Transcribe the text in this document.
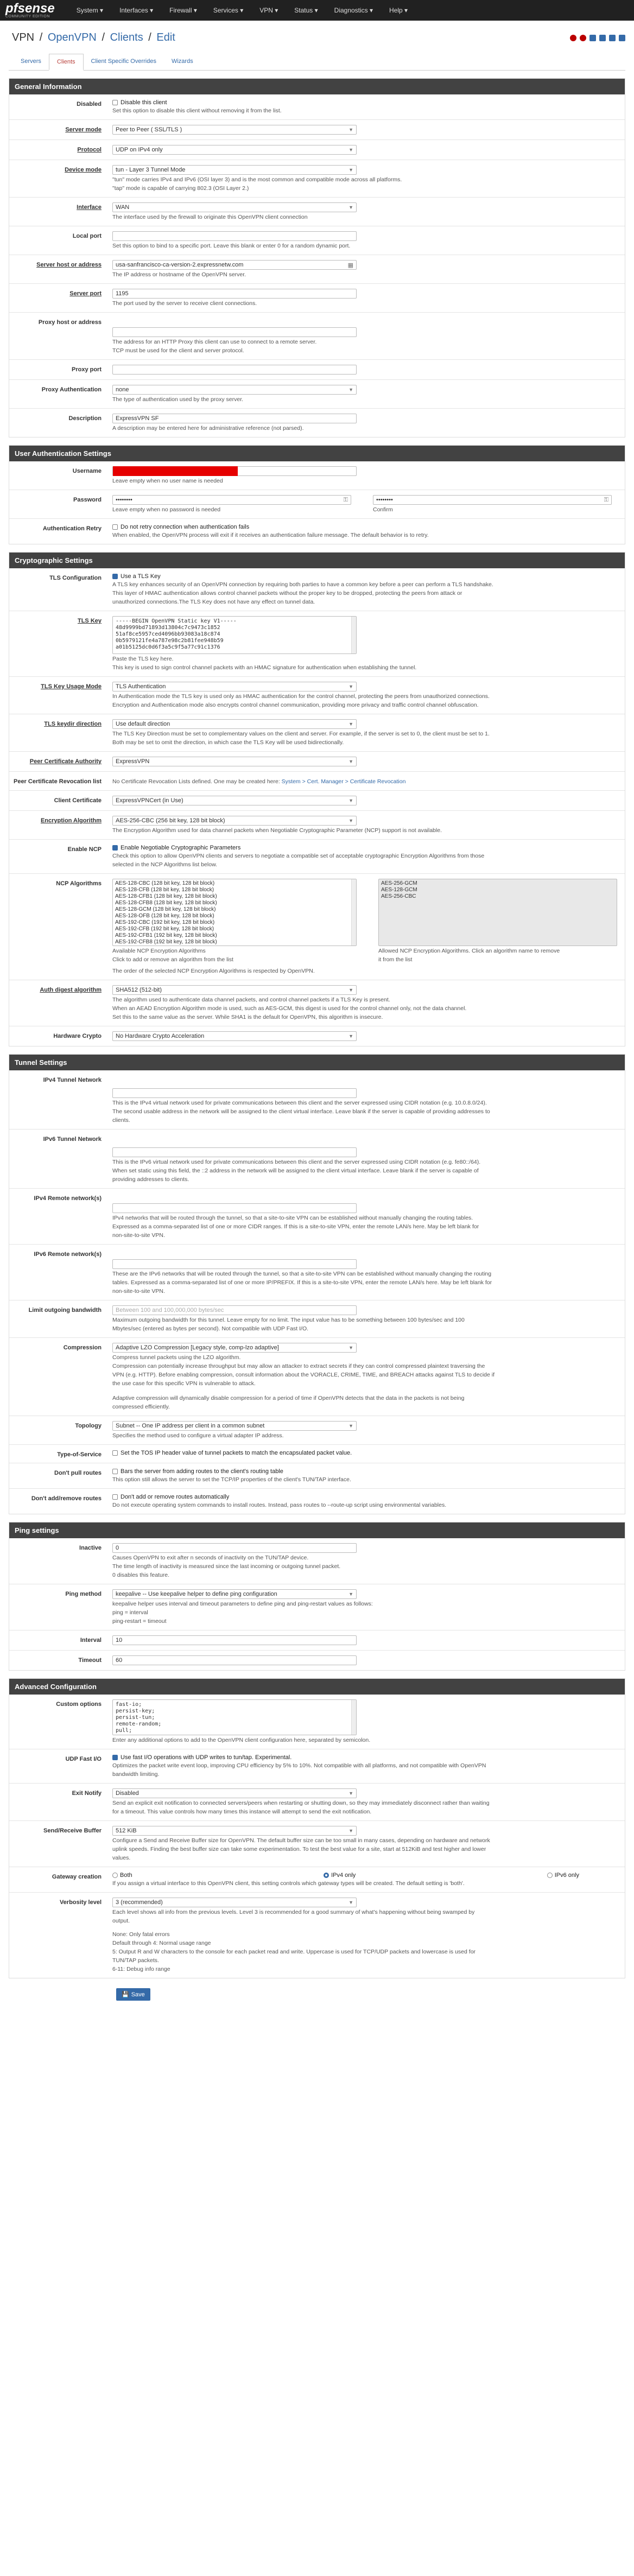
pfsense
COMMUNITY EDITION
System ▾	Interfaces ▾	Firewall ▾	Services ▾	VPN ▾	Status ▾	Diagnostics ▾	Help ▾
VPN / OpenVPN / Clients / Edit
Servers	Clients	Client Specific Overrides	Wizards
General Information
Disabled	Disable this client
Set this option to disable this client without removing it from the list.
Server mode	Peer to Peer ( SSL/TLS )	▼
Protocol	UDP on IPv4 only	▼
Device mode	tun - Layer 3 Tunnel Mode	▼
"tun" mode carries IPv4 and IPv6 (OSI layer 3) and is the most common and compatible mode across all platforms.
"tap" mode is capable of carrying 802.3 (OSI Layer 2.)
Interface	WAN	▼
The interface used by the firewall to originate this OpenVPN client connection
Local port
Set this option to bind to a specific port. Leave this blank or enter 0 for a random dynamic port.
Server host or address	usa-sanfrancisco-ca-version-2.expressnetw.com	▦
The IP address or hostname of the OpenVPN server.
Server port	1195
The port used by the server to receive client connections.
Proxy host or address
The address for an HTTP Proxy this client can use to connect to a remote server.
TCP must be used for the client and server protocol.
Proxy port
Proxy Authentication	none	▼
The type of authentication used by the proxy server.
Description	ExpressVPN SF
A description may be entered here for administrative reference (not parsed).
User Authentication Settings
Username
Leave empty when no user name is needed
Password	••••••••	⚿
Leave empty when no password is needed
••••••••	⚿
Confirm
Authentication Retry	Do not retry connection when authentication fails
When enabled, the OpenVPN process will exit if it receives an authentication failure message. The default behavior is to retry.
Cryptographic Settings
TLS Configuration	Use a TLS Key
A TLS key enhances security of an OpenVPN connection by requiring both parties to have a common key before a peer can perform a TLS handshake.
This layer of HMAC authentication allows control channel packets without the proper key to be dropped, protecting the peers from attack or
unauthorized connections.The TLS Key does not have any effect on tunnel data.
TLS Key	-----BEGIN OpenVPN Static key V1-----
48d9999bd71893d13804c7c9473c1852
51af8ce5957ced4096bb93083a18c874
0b5979121fe4a787e98c2b81fee948b59
a01b5125dc0d6f3a5c9f5a77c91c1376
Paste the TLS key here.
This key is used to sign control channel packets with an HMAC signature for authentication when establishing the tunnel.
TLS Key Usage Mode	TLS Authentication	▼
In Authentication mode the TLS key is used only as HMAC authentication for the control channel, protecting the peers from unauthorized connections.
Encryption and Authentication mode also encrypts control channel communication, providing more privacy and traffic control channel obfuscation.
TLS keydir direction	Use default direction	▼
The TLS Key Direction must be set to complementary values on the client and server. For example, if the server is set to 0, the client must be set to 1.
Both may be set to omit the direction, in which case the TLS Key will be used bidirectionally.
Peer Certificate Authority	ExpressVPN	▼
Peer Certificate Revocation list	No Certificate Revocation Lists defined. One may be created here: System > Cert. Manager > Certificate Revocation
Client Certificate	ExpressVPNCert (in Use)	▼
Encryption Algorithm	AES-256-CBC (256 bit key, 128 bit block)	▼
The Encryption Algorithm used for data channel packets when Negotiable Cryptographic Parameter (NCP) support is not available.
Enable NCP	Enable Negotiable Cryptographic Parameters
Check this option to allow OpenVPN clients and servers to negotiate a compatible set of acceptable cryptographic Encryption Algorithms from those
selected in the NCP Algorithms list below.
NCP Algorithms	AES-128-CBC (128 bit key, 128 bit block)
AES-128-CFB (128 bit key, 128 bit block)
AES-128-CFB1 (128 bit key, 128 bit block)
AES-128-CFB8 (128 bit key, 128 bit block)
AES-128-GCM (128 bit key, 128 bit block)
AES-128-OFB (128 bit key, 128 bit block)
AES-192-CBC (192 bit key, 128 bit block)
AES-192-CFB (192 bit key, 128 bit block)
AES-192-CFB1 (192 bit key, 128 bit block)
AES-192-CFB8 (192 bit key, 128 bit block)
Available NCP Encryption Algorithms
Click to add or remove an algorithm from the list
AES-256-GCM
AES-128-GCM
AES-256-CBC
Allowed NCP Encryption Algorithms. Click an algorithm name to remove
it from the list
The order of the selected NCP Encryption Algorithms is respected by OpenVPN.
Auth digest algorithm	SHA512 (512-bit)	▼
The algorithm used to authenticate data channel packets, and control channel packets if a TLS Key is present.
When an AEAD Encryption Algorithm mode is used, such as AES-GCM, this digest is used for the control channel only, not the data channel.
Set this to the same value as the server. While SHA1 is the default for OpenVPN, this algorithm is insecure.
Hardware Crypto	No Hardware Crypto Acceleration	▼
Tunnel Settings
IPv4 Tunnel Network
This is the IPv4 virtual network used for private communications between this client and the server expressed using CIDR notation (e.g. 10.0.8.0/24).
The second usable address in the network will be assigned to the client virtual interface. Leave blank if the server is capable of providing addresses to
clients.
IPv6 Tunnel Network
This is the IPv6 virtual network used for private communications between this client and the server expressed using CIDR notation (e.g. fe80::/64).
When set static using this field, the ::2 address in the network will be assigned to the client virtual interface. Leave blank if the server is capable of
providing addresses to clients.
IPv4 Remote network(s)
IPv4 networks that will be routed through the tunnel, so that a site-to-site VPN can be established without manually changing the routing tables.
Expressed as a comma-separated list of one or more CIDR ranges. If this is a site-to-site VPN, enter the remote LAN/s here. May be left blank for
non-site-to-site VPN.
IPv6 Remote network(s)
These are the IPv6 networks that will be routed through the tunnel, so that a site-to-site VPN can be established without manually changing the routing
tables. Expressed as a comma-separated list of one or more IP/PREFIX. If this is a site-to-site VPN, enter the remote LAN/s here. May be left blank for
non-site-to-site VPN.
Limit outgoing bandwidth	Between 100 and 100,000,000 bytes/sec
Maximum outgoing bandwidth for this tunnel. Leave empty for no limit. The input value has to be something between 100 bytes/sec and 100
Mbytes/sec (entered as bytes per second). Not compatible with UDP Fast I/O.
Compression	Adaptive LZO Compression [Legacy style, comp-lzo adaptive]	▼
Compress tunnel packets using the LZO algorithm.
Compression can potentially increase throughput but may allow an attacker to extract secrets if they can control compressed plaintext traversing the
VPN (e.g. HTTP). Before enabling compression, consult information about the VORACLE, CRIME, TIME, and BREACH attacks against TLS to decide if
the use case for this specific VPN is vulnerable to attack.
Adaptive compression will dynamically disable compression for a period of time if OpenVPN detects that the data in the packets is not being
compressed efficiently.
Topology	Subnet -- One IP address per client in a common subnet	▼
Specifies the method used to configure a virtual adapter IP address.
Type-of-Service	Set the TOS IP header value of tunnel packets to match the encapsulated packet value.
Don't pull routes	Bars the server from adding routes to the client's routing table
This option still allows the server to set the TCP/IP properties of the client's TUN/TAP interface.
Don't add/remove routes	Don't add or remove routes automatically
Do not execute operating system commands to install routes. Instead, pass routes to --route-up script using environmental variables.
Ping settings
Inactive	0
Causes OpenVPN to exit after n seconds of inactivity on the TUN/TAP device.
The time length of inactivity is measured since the last incoming or outgoing tunnel packet.
0 disables this feature.
Ping method	keepalive -- Use keepalive helper to define ping configuration	▼
keepalive helper uses interval and timeout parameters to define ping and ping-restart values as follows:
ping = interval
ping-restart = timeout
Interval	10
Timeout	60
Advanced Configuration
Custom options	fast-io;
persist-key;
persist-tun;
remote-random;
pull;
Enter any additional options to add to the OpenVPN client configuration here, separated by semicolon.
UDP Fast I/O	Use fast I/O operations with UDP writes to tun/tap. Experimental.
Optimizes the packet write event loop, improving CPU efficiency by 5% to 10%. Not compatible with all platforms, and not compatible with OpenVPN
bandwidth limiting.
Exit Notify	Disabled	▼
Send an explicit exit notification to connected servers/peers when restarting or shutting down, so they may immediately disconnect rather than waiting
for a timeout. This value controls how many times this instance will attempt to send the exit notification.
Send/Receive Buffer	512 KiB	▼
Configure a Send and Receive Buffer size for OpenVPN. The default buffer size can be too small in many cases, depending on hardware and network
uplink speeds. Finding the best buffer size can take some experimentation. To test the best value for a site, start at 512KiB and test higher and lower
values.
Gateway creation	Both	IPv4 only	IPv6 only
If you assign a virtual interface to this OpenVPN client, this setting controls which gateway types will be created. The default setting is 'both'.
Verbosity level	3 (recommended)	▼
Each level shows all info from the previous levels. Level 3 is recommended for a good summary of what's happening without being swamped by
output.
None: Only fatal errors
Default through 4: Normal usage range
5: Output R and W characters to the console for each packet read and write. Uppercase is used for TCP/UDP packets and lowercase is used for
TUN/TAP packets.
6-11: Debug info range
💾 Save
